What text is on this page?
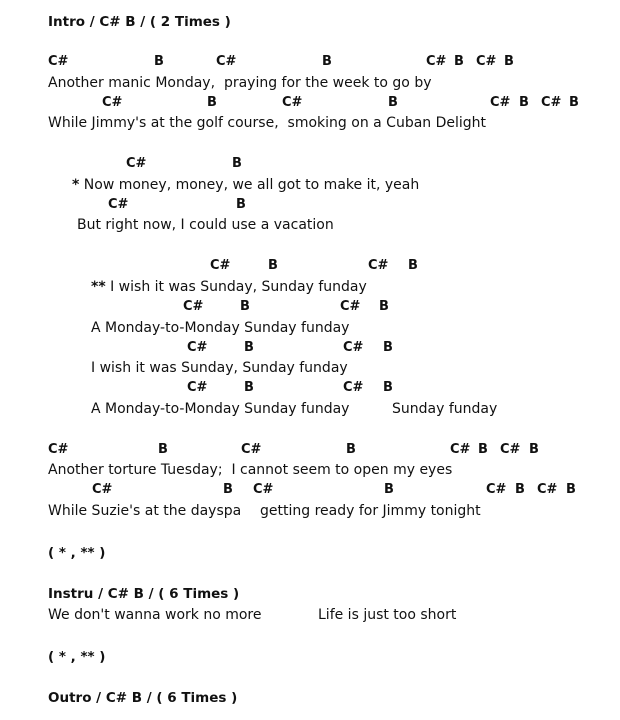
Intro / C# B / ( 2 Times )
C#	B	C#	B	C# B C# B
Another manic Monday,  praying for the week to go by
C#	B	C#	B	C# B C# B
While Jimmy's at the golf course,  smoking on a Cuban Delight
C#	B
* Now money, money, we all got to make it, yeah
C#	B
But right now, I could use a vacation
C#	B	C# B
** I wish it was Sunday, Sunday funday
C#	B	C# B
A Monday-to-Monday Sunday funday
C#	B	C# B
I wish it was Sunday, Sunday funday
C#	B	C# B
A Monday-to-Monday Sunday funday	Sunday funday
C#	B	C#	B	C# B C# B
Another torture Tuesday;  I cannot seem to open my eyes
C#	B C#	B	C# B C# B
While Suzie's at the dayspa getting ready for Jimmy tonight
( * , ** )
Instru / C# B / ( 6 Times )
We don't wanna work no more	Life is just too short
( * , ** )
Outro / C# B / ( 6 Times )
